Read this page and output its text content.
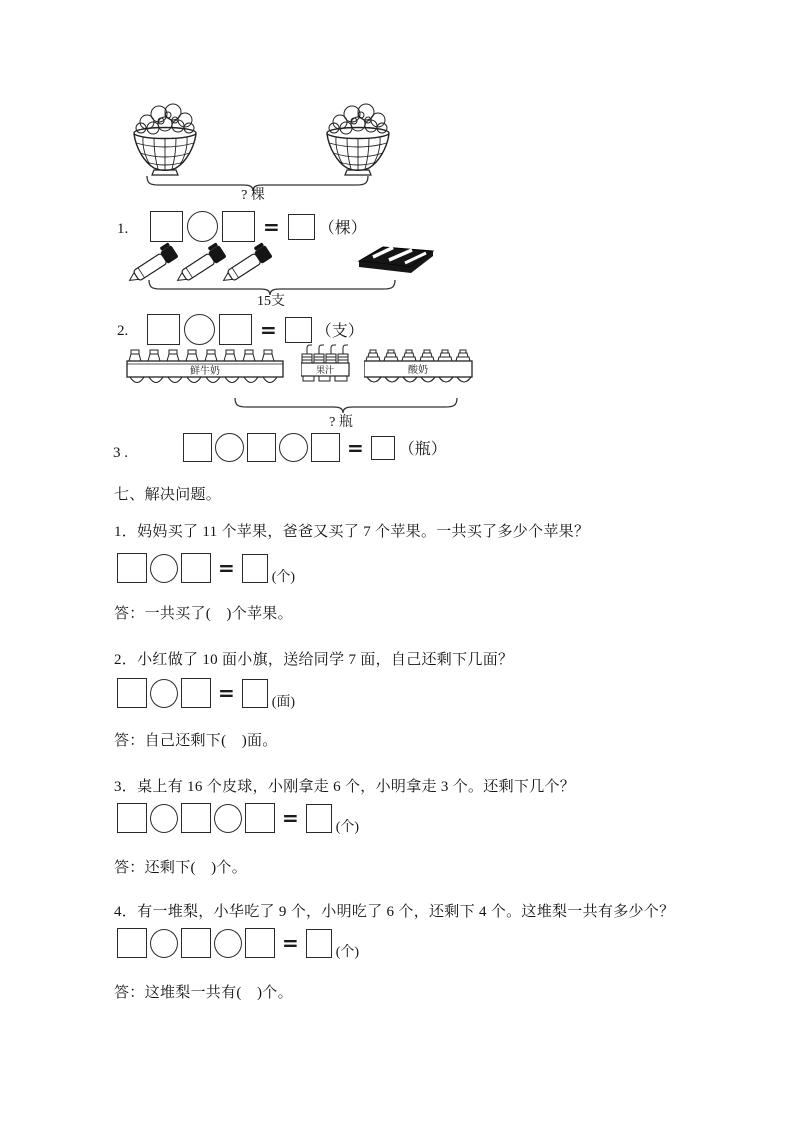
? 棵
1.	= （棵）
15支
2.	= （支）
鲜牛奶	果汁	酸奶
? 瓶
3 .	= （瓶）
七、解决问题。
1．妈妈买了 11 个苹果，爸爸又买了 7 个苹果。一共买了多少个苹果？
=	(个)
答：一共买了(　)个苹果。
2．小红做了 10 面小旗，送给同学 7 面，自己还剩下几面？
=	(面)
答：自己还剩下(　)面。
3．桌上有 16 个皮球，小刚拿走 6 个，小明拿走 3 个。还剩下几个？
=	(个)
答：还剩下(　)个。
4．有一堆梨，小华吃了 9 个，小明吃了 6 个，还剩下 4 个。这堆梨一共有多少个？
=	(个)
答：这堆梨一共有(　)个。
